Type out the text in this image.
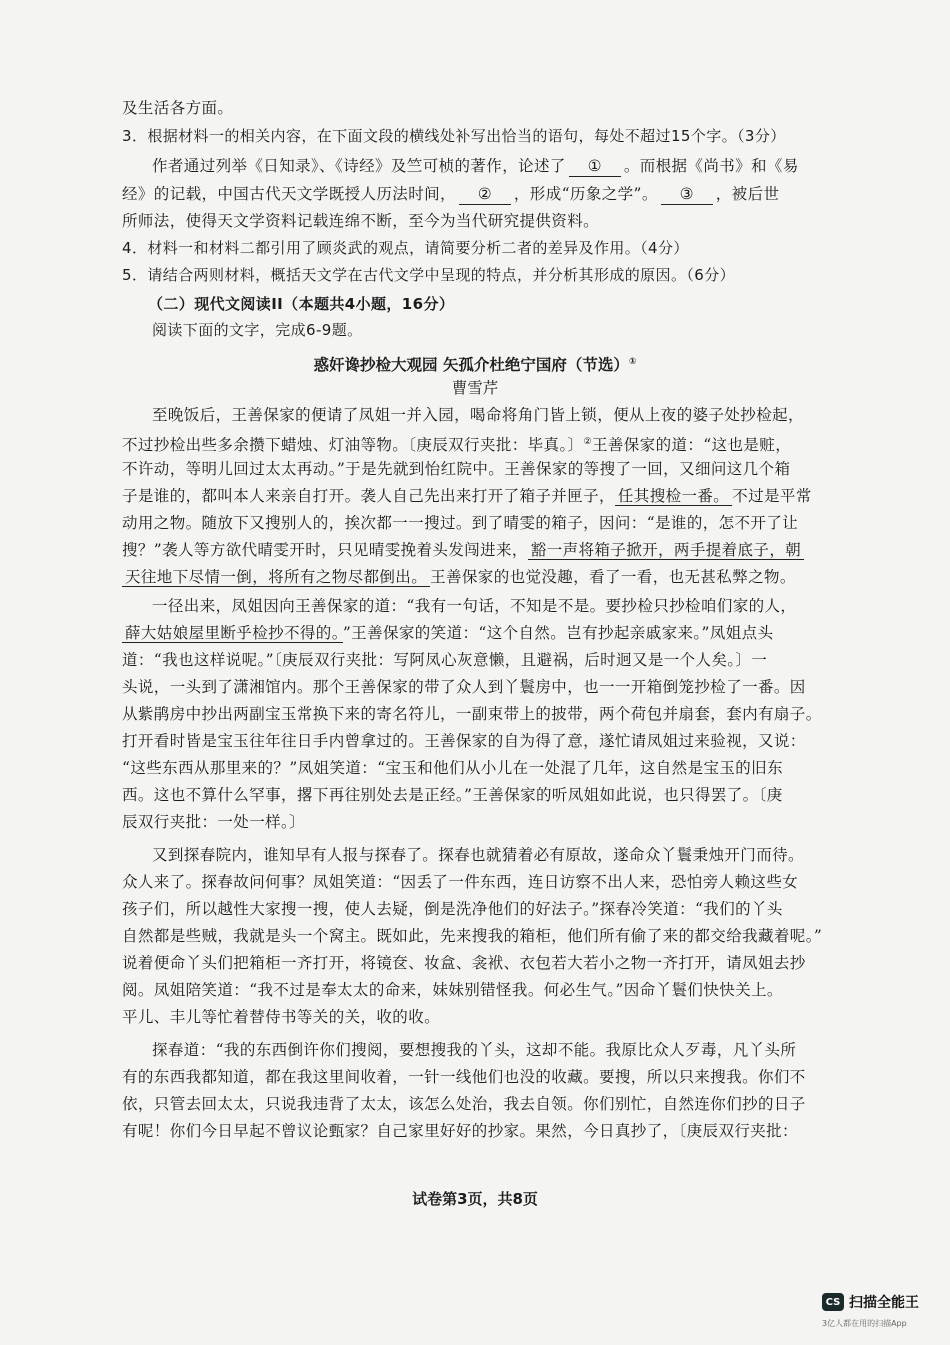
及生活各方面。
3．根据材料一的相关内容，在下面文段的横线处补写出恰当的语句，每处不超过15个字。（3分）
作者通过列举《日知录》、《诗经》及竺可桢的著作，论述了 ① 。而根据《尚书》和《易
经》的记载，中国古代天文学既授人历法时间， ② ，形成“历象之学”。 ③ ，被后世
所师法，使得天文学资料记载连绵不断，至今为当代研究提供资料。
4．材料一和材料二都引用了顾炎武的观点，请简要分析二者的差异及作用。（4分）
5．请结合两则材料，概括天文学在古代文学中呈现的特点，并分析其形成的原因。（6分）
（二）现代文阅读II（本题共4小题，16分）
阅读下面的文字，完成6-9题。
惑奸谗抄检大观园 矢孤介杜绝宁国府（节选）①
曹雪芹
至晚饭后，王善保家的便请了凤姐一并入园，喝命将角门皆上锁，便从上夜的婆子处抄检起，
不过抄检出些多余攒下蜡烛、灯油等物。〔庚辰双行夹批：毕真。〕②王善保家的道：“这也是赃，
不许动，等明儿回过太太再动。”于是先就到怡红院中。王善保家的等搜了一回，又细问这几个箱
子是谁的，都叫本人来亲自打开。袭人自己先出来打开了箱子并匣子， 任其搜检一番。 不过是平常
动用之物。随放下又搜别人的，挨次都一一搜过。到了晴雯的箱子，因问：“是谁的，怎不开了让
搜？”袭人等方欲代晴雯开时，只见晴雯挽着头发闯进来， 豁一声将箱子掀开，两手提着底子，朝
天往地下尽情一倒，将所有之物尽都倒出。 王善保家的也觉没趣，看了一看，也无甚私弊之物。
一径出来，凤姐因向王善保家的道：“我有一句话，不知是不是。要抄检只抄检咱们家的人，
薛大姑娘屋里断乎检抄不得的。 ”王善保家的笑道：“这个自然。岂有抄起亲戚家来。”凤姐点头
道：“我也这样说呢。”〔庚辰双行夹批：写阿凤心灰意懒，且避祸，后时迥又是一个人矣。〕一
头说，一头到了潇湘馆内。那个王善保家的带了众人到丫鬟房中，也一一开箱倒笼抄检了一番。因
从紫鹃房中抄出两副宝玉常换下来的寄名符儿，一副束带上的披带，两个荷包并扇套，套内有扇子。
打开看时皆是宝玉往年往日手内曾拿过的。王善保家的自为得了意，遂忙请凤姐过来验视，又说：
“这些东西从那里来的？”凤姐笑道：“宝玉和他们从小儿在一处混了几年，这自然是宝玉的旧东
西。这也不算什么罕事，撂下再往别处去是正经。”王善保家的听凤姐如此说，也只得罢了。〔庚
辰双行夹批：一处一样。〕
又到探春院内，谁知早有人报与探春了。探春也就猜着必有原故，遂命众丫鬟秉烛开门而待。
众人来了。探春故问何事？凤姐笑道：“因丢了一件东西，连日访察不出人来，恐怕旁人赖这些女
孩子们，所以越性大家搜一搜，使人去疑，倒是洗净他们的好法子。”探春冷笑道：“我们的丫头
自然都是些贼，我就是头一个窝主。既如此，先来搜我的箱柜，他们所有偷了来的都交给我藏着呢。”
说着便命丫头们把箱柜一齐打开，将镜奁、妆盒、衾袱、衣包若大若小之物一齐打开，请凤姐去抄
阅。凤姐陪笑道：“我不过是奉太太的命来，妹妹别错怪我。何必生气。”因命丫鬟们快快关上。
平儿、丰儿等忙着替侍书等关的关，收的收。
探春道：“我的东西倒许你们搜阅，要想搜我的丫头，这却不能。我原比众人歹毒，凡丫头所
有的东西我都知道，都在我这里间收着，一针一线他们也没的收藏。要搜，所以只来搜我。你们不
依，只管去回太太，只说我违背了太太，该怎么处治，我去自领。你们别忙，自然连你们抄的日子
有呢！你们今日早起不曾议论甄家？自己家里好好的抄家。果然，今日真抄了，〔庚辰双行夹批：
试卷第3页，共8页
CS 扫描全能王
3亿人都在用的扫描App
